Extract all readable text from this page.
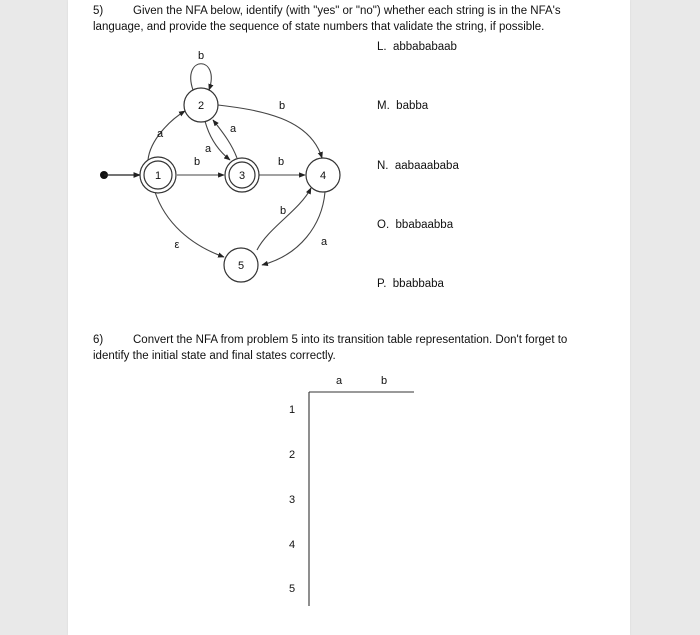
5)	Given the NFA below, identify (with "yes" or "no") whether each string is in the NFA's
language, and provide the sequence of state numbers that validate the string, if possible.
L. abbababaab
M. babba
N. aabaaababa
O. bbabaabba
P. bbabbaba
b
a
b
a
a
b
b
a
b
ε
1
2
3	4
5
6)	Convert the NFA from problem 5 into its transition table representation. Don't forget to
identify the initial state and final states correctly.
a	b
1
2
3
4
5
